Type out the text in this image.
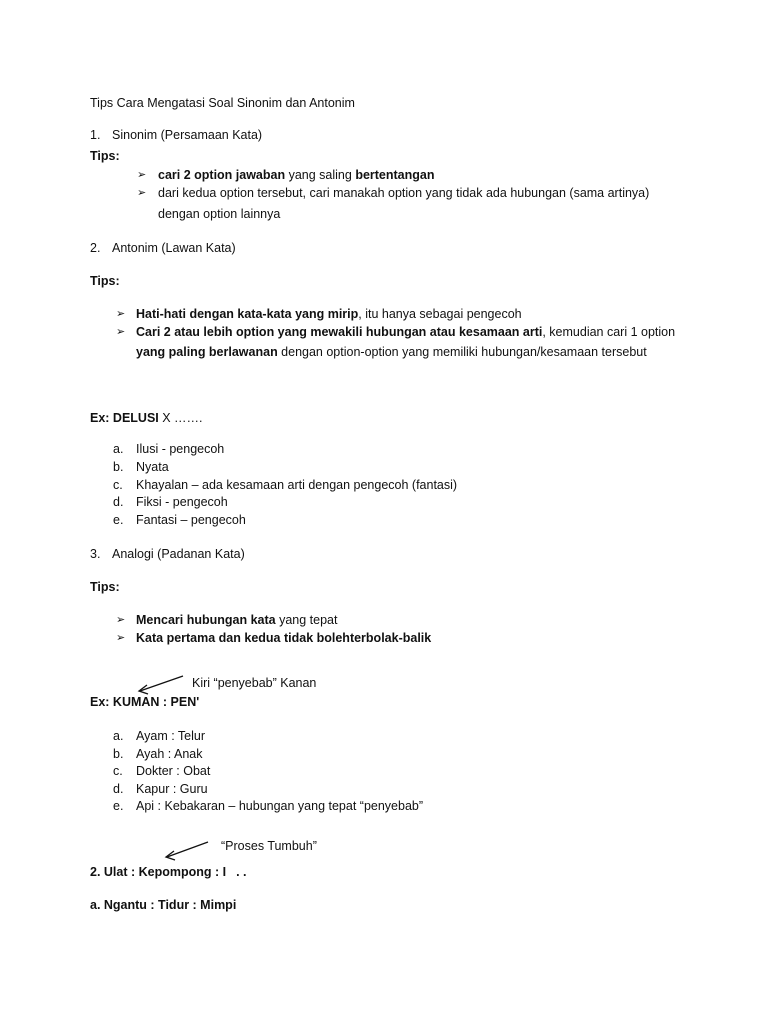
Tips Cara Mengatasi Soal Sinonim dan Antonim
1. Sinonim (Persamaan Kata)
Tips:
➢ cari 2 option jawaban yang saling bertentangan
➢ dari kedua option tersebut, cari manakah option yang tidak ada hubungan (sama artinya)
dengan option lainnya
2. Antonim (Lawan Kata)
Tips:
➢ Hati-hati dengan kata-kata yang mirip, itu hanya sebagai pengecoh
➢ Cari 2 atau lebih option yang mewakili hubungan atau kesamaan arti, kemudian cari 1 option
yang paling berlawanan dengan option-option yang memiliki hubungan/kesamaan tersebut
Ex: DELUSI X …….
a. Ilusi - pengecoh
b. Nyata
c. Khayalan – ada kesamaan arti dengan pengecoh (fantasi)
d. Fiksi - pengecoh
e. Fantasi – pengecoh
3. Analogi (Padanan Kata)
Tips:
➢ Mencari hubungan kata yang tepat
➢ Kata pertama dan kedua tidak bolehterbolak-balik
Kiri “penyebab” Kanan
Ex: KUMAN : PEN'
a. Ayam : Telur
b. Ayah : Anak
c. Dokter : Obat
d. Kapur : Guru
e. Api : Kebakaran – hubungan yang tepat “penyebab”
“Proses Tumbuh”
2. Ulat : Kepompong : I . .
a. Ngantu : Tidur : Mimpi
